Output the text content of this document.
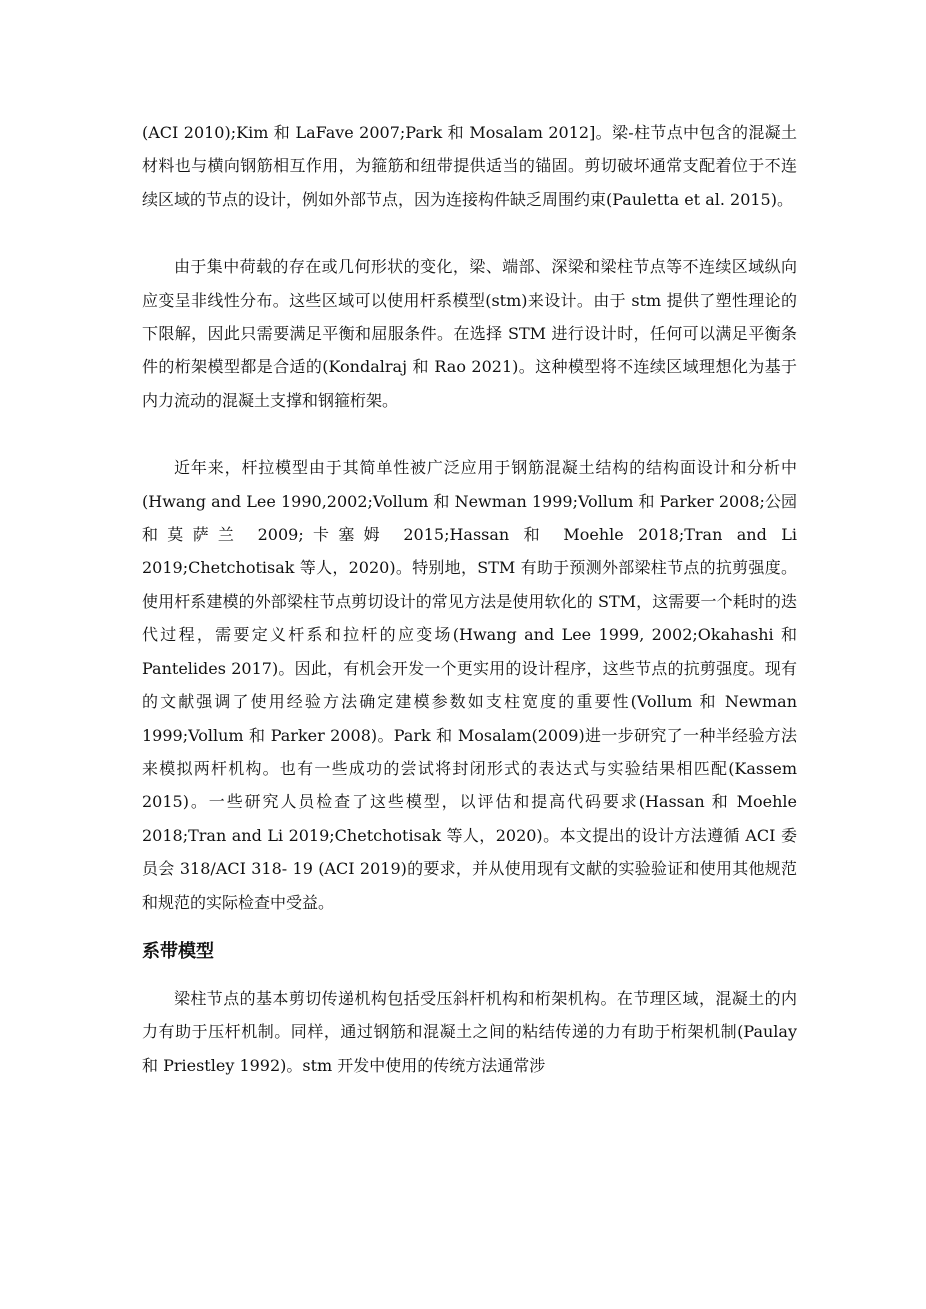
(ACI 2010);Kim 和 LaFave 2007;Park 和 Mosalam 2012]。梁-柱节点中包含的混凝土材料也与横向钢筋相互作用，为箍筋和纽带提供适当的锚固。剪切破坏通常支配着位于不连续区域的节点的设计，例如外部节点，因为连接构件缺乏周围约束(Pauletta et al. 2015)。

由于集中荷载的存在或几何形状的变化，梁、端部、深梁和梁柱节点等不连续区域纵向应变呈非线性分布。这些区域可以使用杆系模型(stm)来设计。由于 stm 提供了塑性理论的下限解，因此只需要满足平衡和屈服条件。在选择 STM 进行设计时，任何可以满足平衡条件的桁架模型都是合适的(Kondalraj 和 Rao 2021)。这种模型将不连续区域理想化为基于内力流动的混凝土支撑和钢箍桁架。

近年来，杆拉模型由于其简单性被广泛应用于钢筋混凝土结构的结构面设计和分析中(Hwang and Lee 1990,2002;Vollum 和 Newman 1999;Vollum 和 Parker 2008;公园和莫萨兰 2009;卡塞姆 2015;Hassan 和 Moehle 2018;Tran and Li 2019;Chetchotisak 等人，2020)。特别地，STM 有助于预测外部梁柱节点的抗剪强度。使用杆系建模的外部梁柱节点剪切设计的常见方法是使用软化的 STM，这需要一个耗时的迭代过程，需要定义杆系和拉杆的应变场(Hwang and Lee 1999, 2002;Okahashi 和 Pantelides 2017)。因此，有机会开发一个更实用的设计程序，这些节点的抗剪强度。现有的文献强调了使用经验方法确定建模参数如支柱宽度的重要性(Vollum 和 Newman 1999;Vollum 和 Parker 2008)。Park 和 Mosalam(2009)进一步研究了一种半经验方法来模拟两杆机构。也有一些成功的尝试将封闭形式的表达式与实验结果相匹配(Kassem 2015)。一些研究人员检查了这些模型，以评估和提高代码要求(Hassan 和 Moehle 2018;Tran and Li 2019;Chetchotisak 等人，2020)。本文提出的设计方法遵循 ACI 委员会 318/ACI 318- 19 (ACI 2019)的要求，并从使用现有文献的实验验证和使用其他规范和规范的实际检查中受益。

系带模型

梁柱节点的基本剪切传递机构包括受压斜杆机构和桁架机构。在节理区域，混凝土的内力有助于压杆机制。同样，通过钢筋和混凝土之间的粘结传递的力有助于桁架机制(Paulay 和 Priestley 1992)。stm 开发中使用的传统方法通常涉
